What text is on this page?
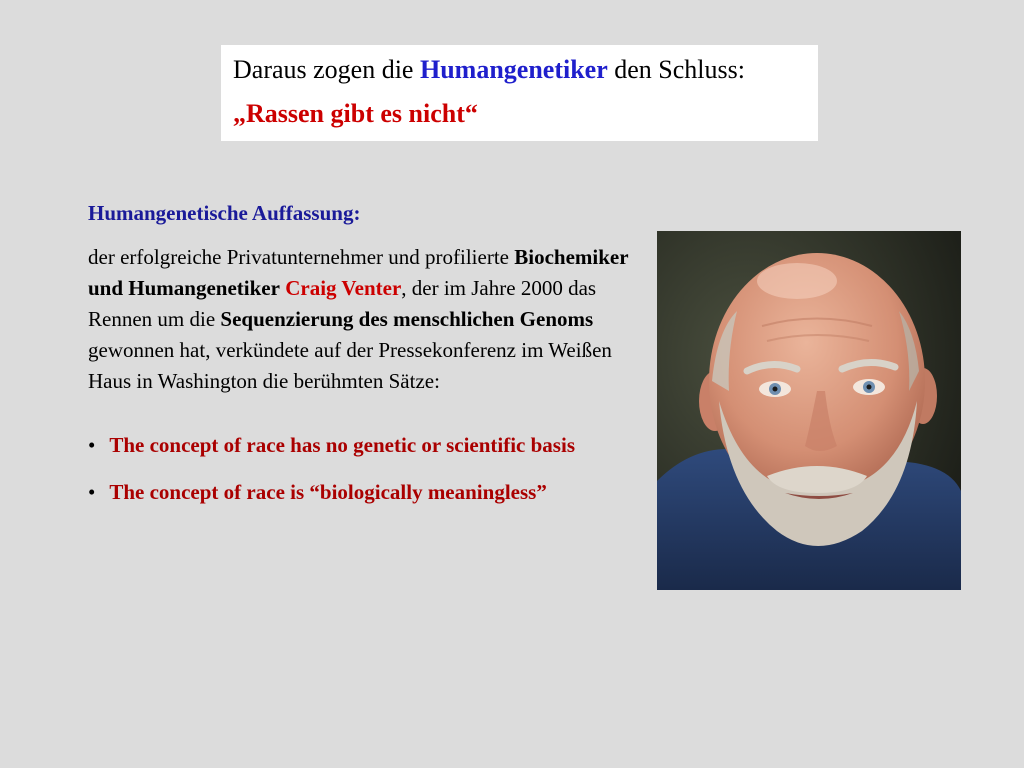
Daraus zogen die Humangenetiker den Schluss:
„Rassen gibt es nicht“

Humangenetische Auffassung:

der erfolgreiche Privatunternehmer und profilierte Biochemiker und Humangenetiker Craig Venter, der im Jahre 2000 das Rennen um die Sequenzierung des menschlichen Genoms gewonnen hat, verkündete auf der Pressekonferenz im Weißen Haus in Washington die berühmten Sätze:

• The concept of race has no genetic or scientific basis
• The concept of race is “biologically meaningless”
